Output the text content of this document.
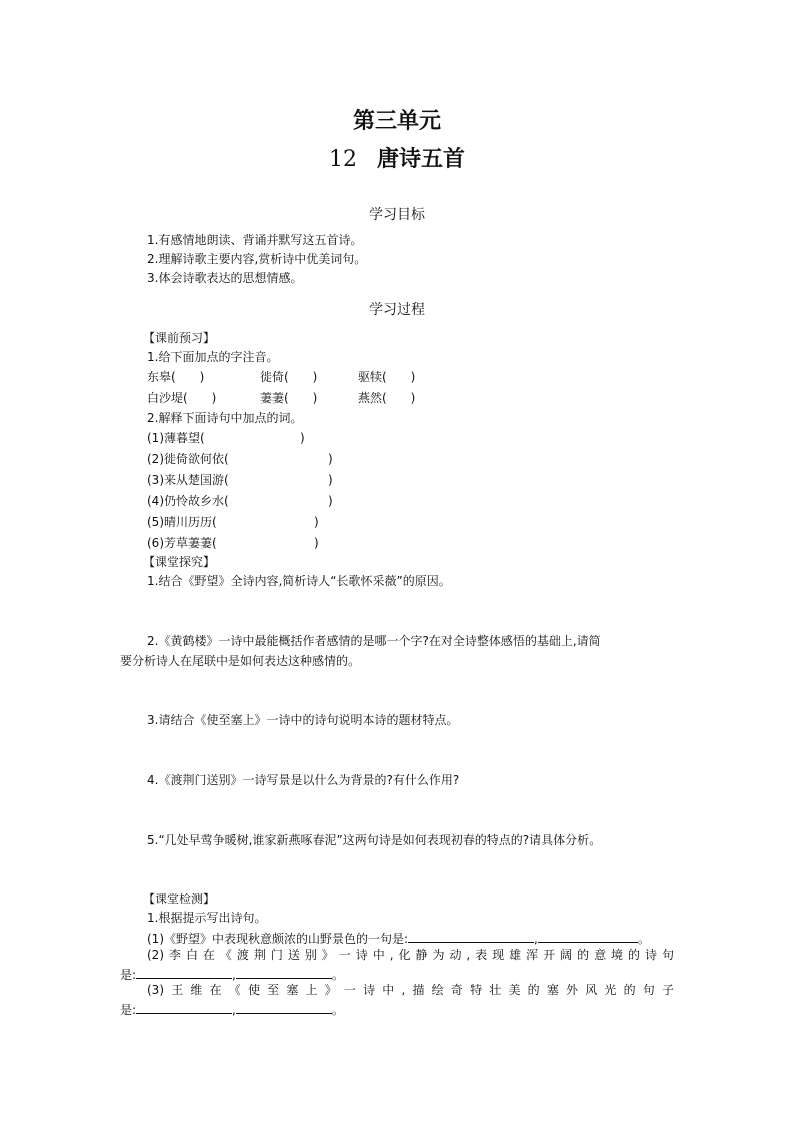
第三单元
12 唐诗五首
学习目标
1.有感情地朗读、背诵并默写这五首诗。
2.理解诗歌主要内容,赏析诗中优美词句。
3.体会诗歌表达的思想情感。
学习过程
【课前预习】
1.给下面加点的字注音。
东皋(　　)	徙倚(　　)	驱犊(　　)
白沙堤(　　)	萋萋(　　)	燕然(　　)
2.解释下面诗句中加点的词。
(1)薄暮望(	)
(2)徙倚欲何依(	)
(3)来从楚国游(	)
(4)仍怜故乡水(	)
(5)晴川历历(	)
(6)芳草萋萋(	)
【课堂探究】
1.结合《野望》全诗内容,简析诗人“长歌怀采薇”的原因。
2.《黄鹤楼》一诗中最能概括作者感情的是哪一个字?在对全诗整体感悟的基础上,请简
要分析诗人在尾联中是如何表达这种感情的。
3.请结合《使至塞上》一诗中的诗句说明本诗的题材特点。
4.《渡荆门送别》一诗写景是以什么为背景的?有什么作用?
5.“几处早莺争暖树,谁家新燕啄春泥”这两句诗是如何表现初春的特点的?请具体分析。
【课堂检测】
1.根据提示写出诗句。
(1)《野望》中表现秋意颇浓的山野景色的一句是:	,	。
(2)李白在《渡荆门送别》一诗中,化静为动,表现雄浑开阔的意境的诗句
是:	,	。
(3)王维在《使至塞上》一诗中,描绘奇特壮美的塞外风光的句子
是:	,	。
